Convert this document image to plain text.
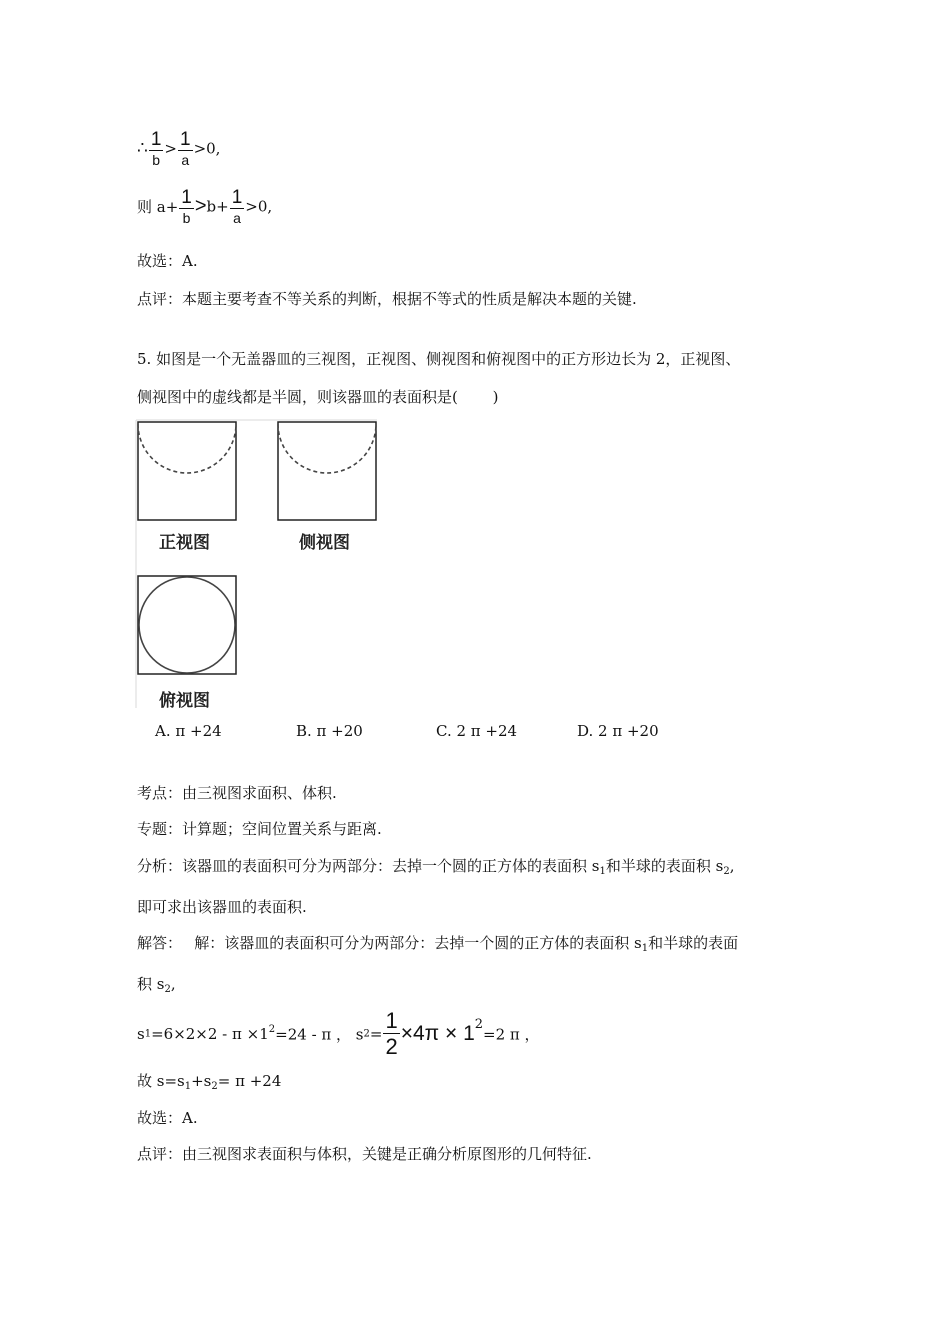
∴ $\frac{1}{b} > \frac{1}{a} >0$,
则 $a+ \frac{1}{b} >b+ \frac{1}{a} >0$,
故选：A.
点评：本题主要考查不等关系的判断，根据不等式的性质是解决本题的关键.
5. 如图是一个无盖器皿的三视图，正视图、侧视图和俯视图中的正方形边长为 2，正视图、
侧视图中的虚线都是半圆，则该器皿的表面积是(　　 )
正视图	侧视图
俯视图
A. π +24	B. π +20	C. 2 π +24	D. 2 π +20
考点：由三视图求面积、体积.
专题：计算题；空间位置关系与距离.
分析：该器皿的表面积可分为两部分：去掉一个圆的正方体的表面积 $s_1$和半球的表面积 $s_2$,
即可求出该器皿的表面积.
解答：　 解：该器皿的表面积可分为两部分：去掉一个圆的正方体的表面积 $s_1$和半球的表面
积 $s_2$,
$s1=6\times 2\times 2 - \pi \times 1^2=24 - \pi$ ， $s2= \frac{1}{2} \times 4\pi \times 12=2$ π ，
故 $s=s_1+s_2= \pi +24$
故选：A.
点评：由三视图求表面积与体积，关键是正确分析原图形的几何特征.
